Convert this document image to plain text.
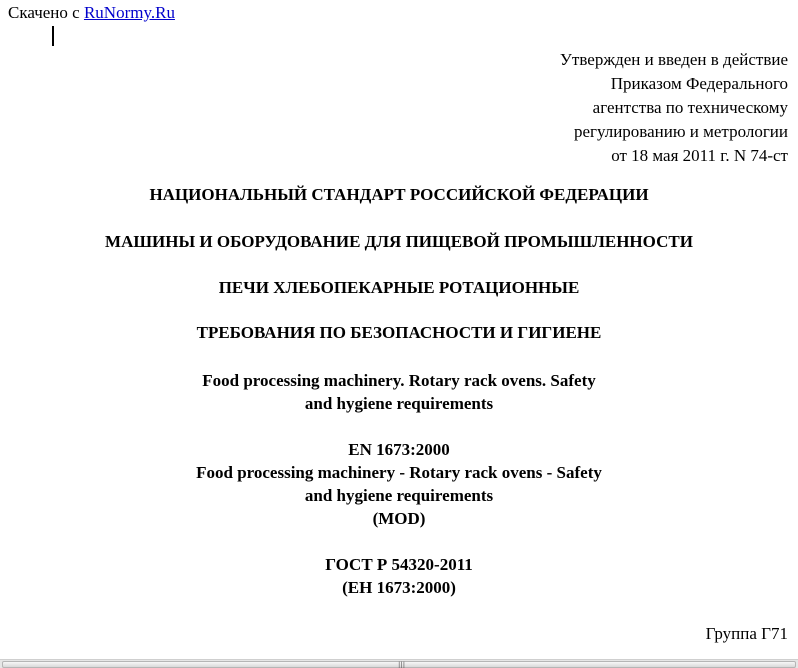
Скачено с RuNormy.Ru
Утвержден и введен в действие
Приказом Федерального
агентства по техническому
регулированию и метрологии
от 18 мая 2011 г. N 74-ст
НАЦИОНАЛЬНЫЙ СТАНДАРТ РОССИЙСКОЙ ФЕДЕРАЦИИ
МАШИНЫ И ОБОРУДОВАНИЕ ДЛЯ ПИЩЕВОЙ ПРОМЫШЛЕННОСТИ
ПЕЧИ ХЛЕБОПЕКАРНЫЕ РОТАЦИОННЫЕ
ТРЕБОВАНИЯ ПО БЕЗОПАСНОСТИ И ГИГИЕНЕ
Food processing machinery. Rotary rack ovens. Safety
and hygiene requirements
EN 1673:2000
Food processing machinery - Rotary rack ovens - Safety
and hygiene requirements
(MOD)
ГОСТ Р 54320-2011
(ЕН 1673:2000)
Группа Г71
|||
